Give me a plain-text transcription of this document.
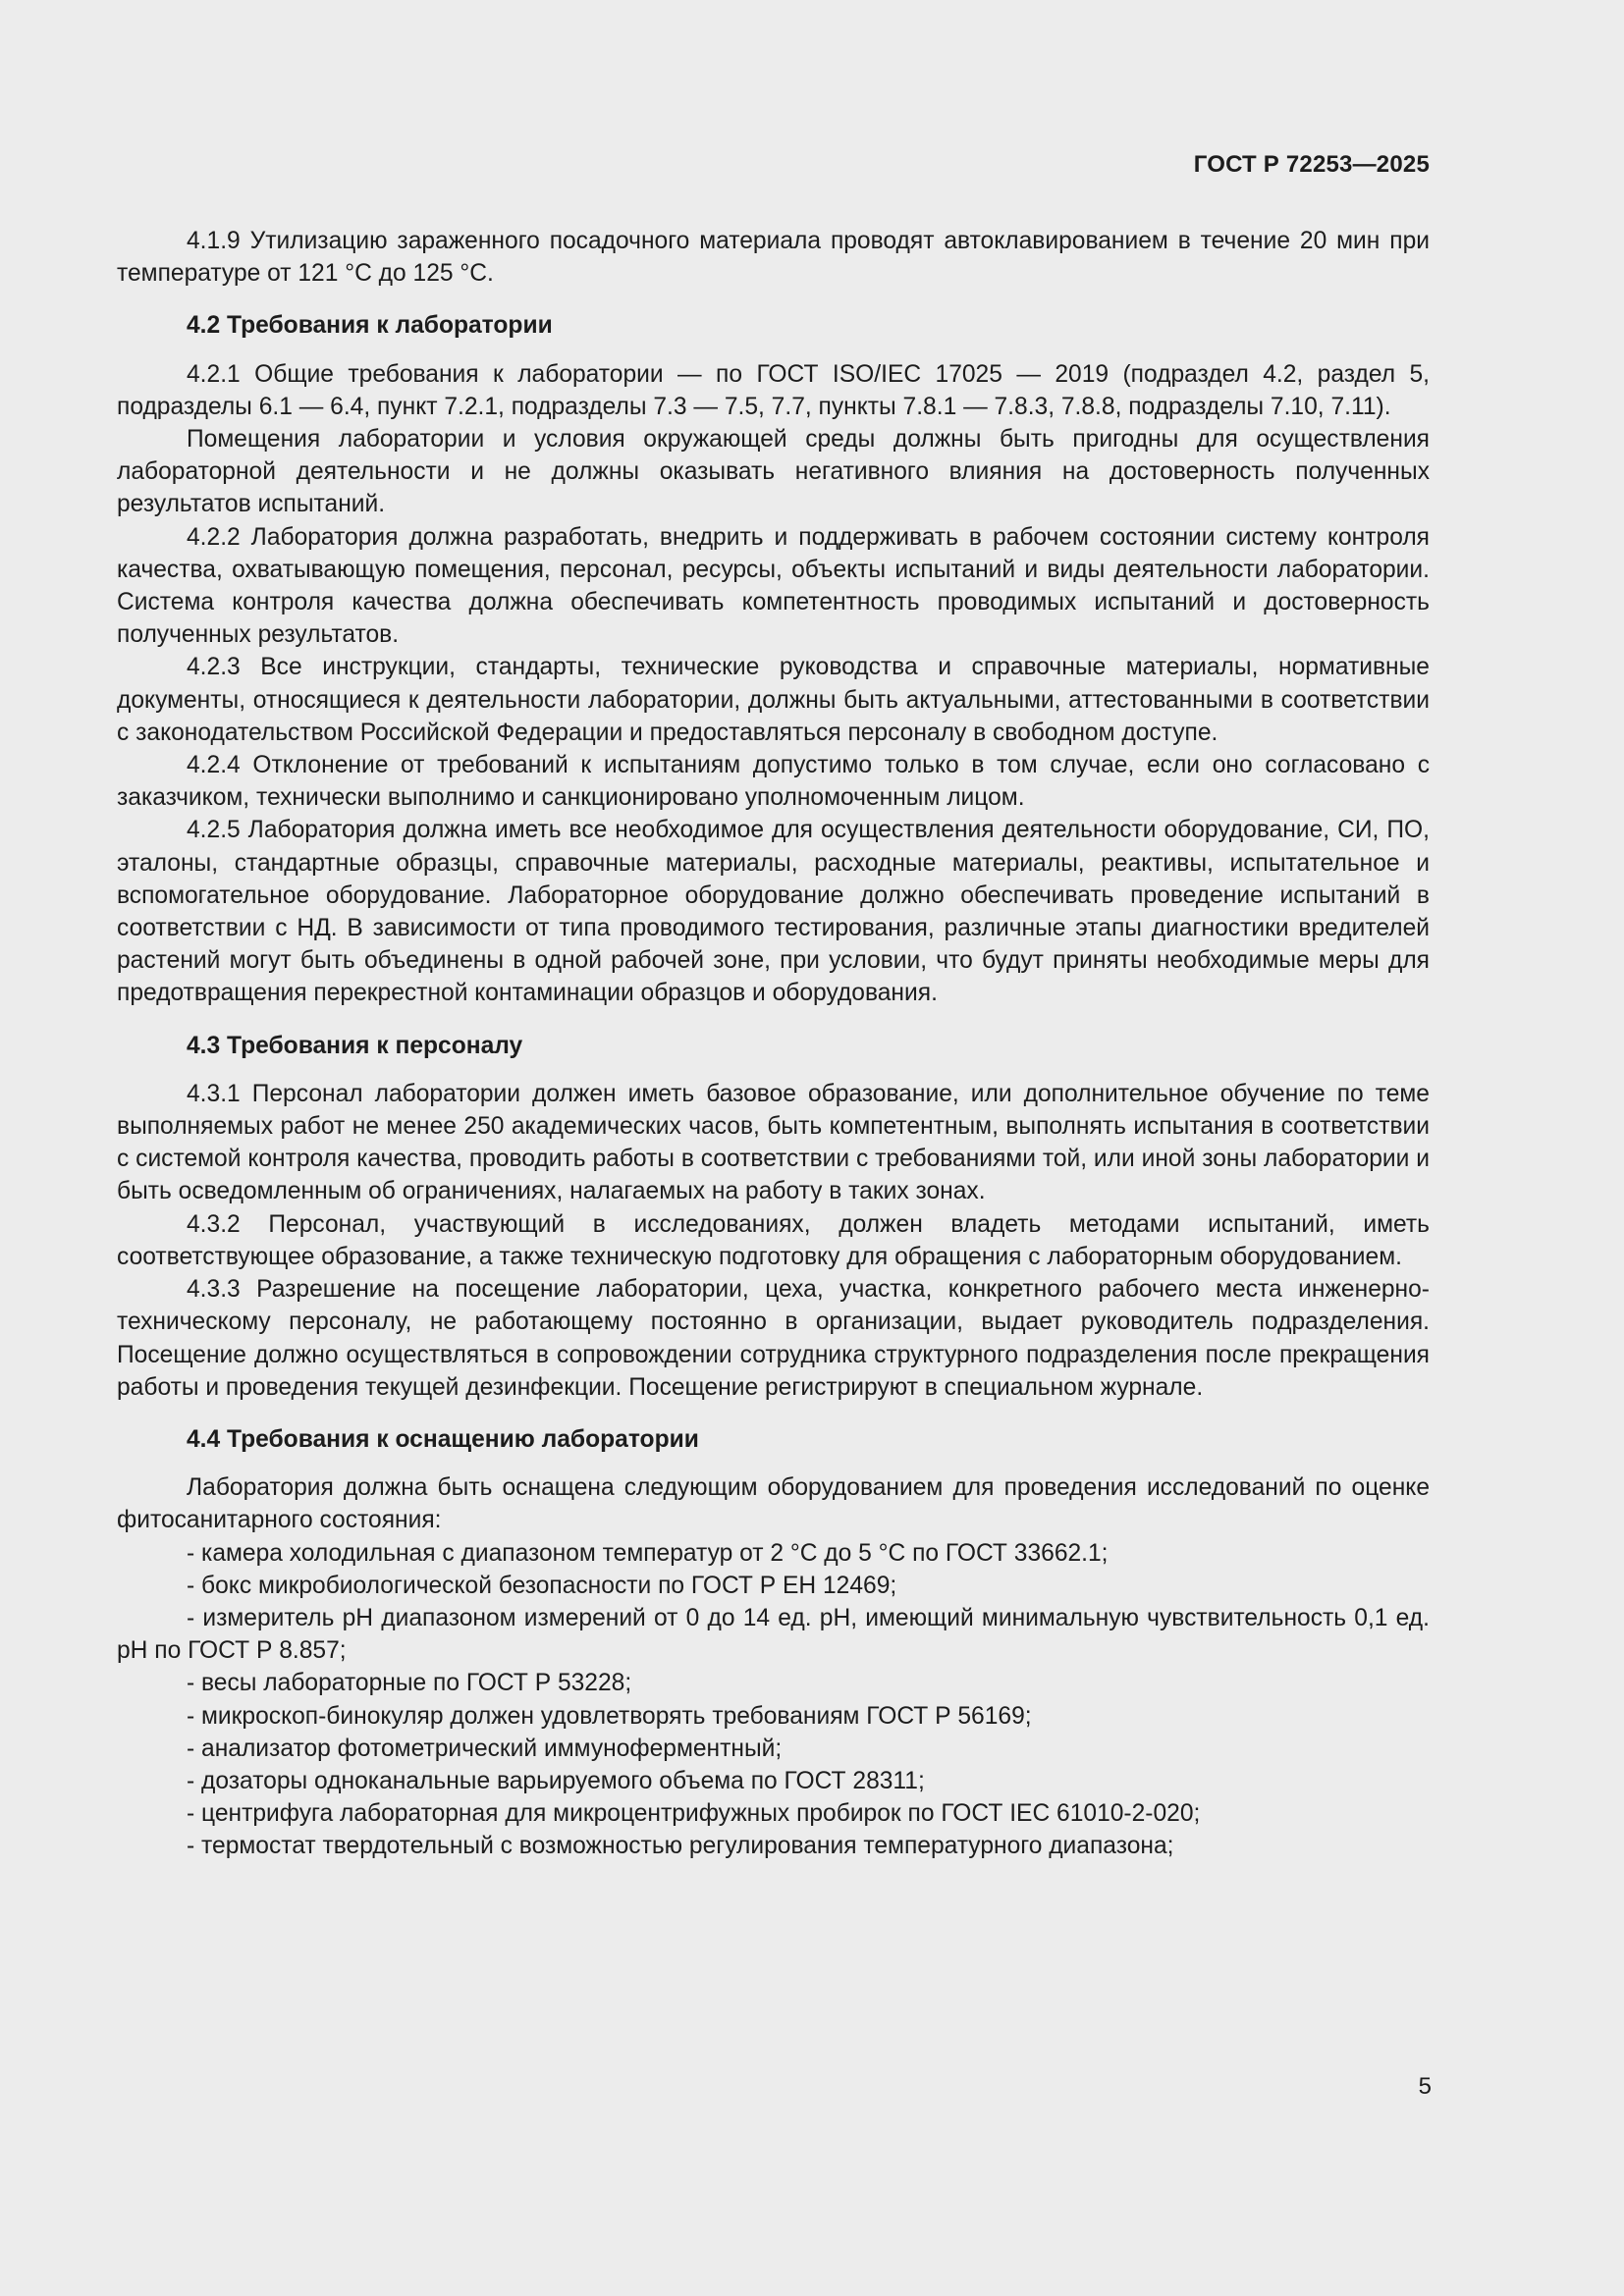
ГОСТ Р 72253—2025

4.1.9 Утилизацию зараженного посадочного материала проводят автоклавированием в течение 20 мин при температуре от 121 °С до 125 °С.

4.2 Требования к лаборатории

4.2.1 Общие требования к лаборатории — по ГОСТ ISO/IEC 17025 — 2019 (подраздел 4.2, раздел 5, подразделы 6.1 — 6.4, пункт 7.2.1, подразделы 7.3 — 7.5, 7.7, пункты 7.8.1 — 7.8.3, 7.8.8, подразделы 7.10, 7.11).

Помещения лаборатории и условия окружающей среды должны быть пригодны для осуществления лабораторной деятельности и не должны оказывать негативного влияния на достоверность полученных результатов испытаний.

4.2.2 Лаборатория должна разработать, внедрить и поддерживать в рабочем состоянии систему контроля качества, охватывающую помещения, персонал, ресурсы, объекты испытаний и виды деятельности лаборатории. Система контроля качества должна обеспечивать компетентность проводимых испытаний и достоверность полученных результатов.

4.2.3 Все инструкции, стандарты, технические руководства и справочные материалы, нормативные документы, относящиеся к деятельности лаборатории, должны быть актуальными, аттестованными в соответствии с законодательством Российской Федерации и предоставляться персоналу в свободном доступе.

4.2.4 Отклонение от требований к испытаниям допустимо только в том случае, если оно согласовано с заказчиком, технически выполнимо и санкционировано уполномоченным лицом.

4.2.5 Лаборатория должна иметь все необходимое для осуществления деятельности оборудование, СИ, ПО, эталоны, стандартные образцы, справочные материалы, расходные материалы, реактивы, испытательное и вспомогательное оборудование. Лабораторное оборудование должно обеспечивать проведение испытаний в соответствии с НД. В зависимости от типа проводимого тестирования, различные этапы диагностики вредителей растений могут быть объединены в одной рабочей зоне, при условии, что будут приняты необходимые меры для предотвращения перекрестной контаминации образцов и оборудования.

4.3 Требования к персоналу

4.3.1 Персонал лаборатории должен иметь базовое образование, или дополнительное обучение по теме выполняемых работ не менее 250 академических часов, быть компетентным, выполнять испытания в соответствии с системой контроля качества, проводить работы в соответствии с требованиями той, или иной зоны лаборатории и быть осведомленным об ограничениях, налагаемых на работу в таких зонах.

4.3.2 Персонал, участвующий в исследованиях, должен владеть методами испытаний, иметь соответствующее образование, а также техническую подготовку для обращения с лабораторным оборудованием.

4.3.3 Разрешение на посещение лаборатории, цеха, участка, конкретного рабочего места инженерно-техническому персоналу, не работающему постоянно в организации, выдает руководитель подразделения. Посещение должно осуществляться в сопровождении сотрудника структурного подразделения после прекращения работы и проведения текущей дезинфекции. Посещение регистрируют в специальном журнале.

4.4 Требования к оснащению лаборатории

Лаборатория должна быть оснащена следующим оборудованием для проведения исследований по оценке фитосанитарного состояния:

- камера холодильная с диапазоном температур от 2 °С до 5 °С по ГОСТ 33662.1;

- бокс микробиологической безопасности по ГОСТ Р ЕН 12469;

- измеритель pH диапазоном измерений от 0 до 14 ед. pH, имеющий минимальную чувствительность 0,1 ед. pH по ГОСТ Р 8.857;

- весы лабораторные по ГОСТ Р 53228;

- микроскоп-бинокуляр должен удовлетворять требованиям ГОСТ Р 56169;

- анализатор фотометрический иммуноферментный;

- дозаторы одноканальные варьируемого объема по ГОСТ 28311;

- центрифуга лабораторная для микроцентрифужных пробирок по ГОСТ IEC 61010-2-020;

- термостат твердотельный с возможностью регулирования температурного диапазона;

5
